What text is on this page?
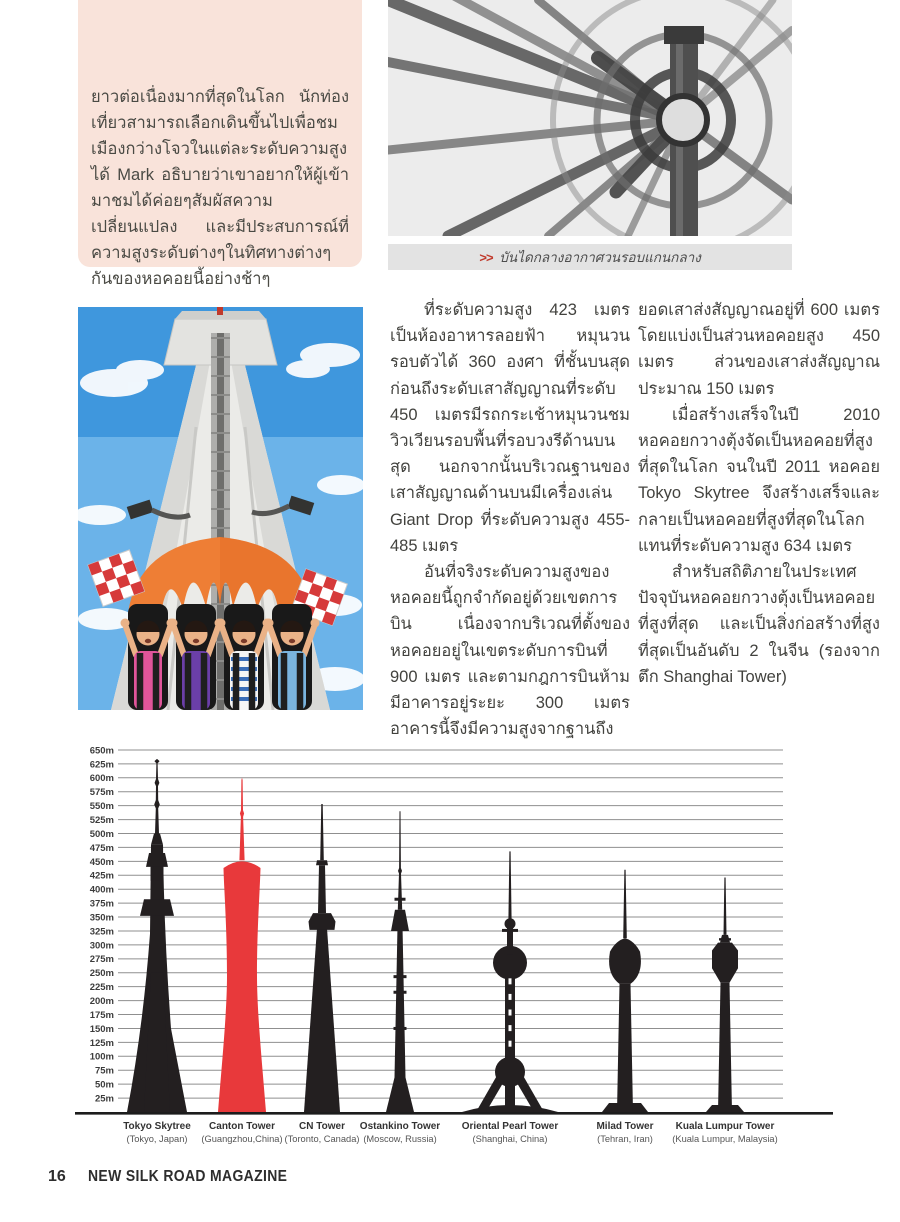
ยาวต่อเนื่องมากที่สุดในโลก นักท่องเที่ยวสามารถเลือกเดินขึ้นไปเพื่อชมเมืองกว่างโจวในแต่ละระดับความสูงได้ Mark อธิบายว่าเขาอยากให้ผู้เข้ามาชมได้ค่อยๆสัมผัสความเปลี่ยนแปลง และมีประสบการณ์ที่ความสูงระดับต่างๆในทิศทางต่างๆกันของหอคอยนี้อย่างช้าๆ

>> บันไดกลางอากาศวนรอบแกนกลาง

ที่ระดับความสูง 423 เมตร เป็นห้องอาหารลอยฟ้า หมุนวนรอบตัวได้ 360 องศา ที่ชั้นบนสุดก่อนถึงระดับเสาสัญญาณที่ระดับ 450 เมตรมีรถกระเช้าหมุนวนชมวิวเวียนรอบพื้นที่รอบวงรีด้านบนสุด นอกจากนั้นบริเวณฐานของเสาสัญญาณด้านบนมีเครื่องเล่น Giant Drop ที่ระดับความสูง 455-485 เมตร

อันที่จริงระดับความสูงของหอคอยนี้ถูกจำกัดอยู่ด้วยเขตการบิน เนื่องจากบริเวณที่ตั้งของหอคอยอยู่ในเขตระดับการบินที่ 900 เมตร และตามกฎการบินห้ามมีอาคารอยู่ระยะ 300 เมตร อาคารนี้จึงมีความสูงจากฐานถึง

ยอดเสาส่งสัญญาณอยู่ที่ 600 เมตร โดยแบ่งเป็นส่วนหอคอยสูง 450 เมตร ส่วนของเสาส่งสัญญาณประมาณ 150 เมตร

เมื่อสร้างเสร็จในปี 2010 หอคอยกวางตุ้งจัดเป็นหอคอยที่สูงที่สุดในโลก จนในปี 2011 หอคอย Tokyo Skytree จึงสร้างเสร็จและกลายเป็นหอคอยที่สูงที่สุดในโลกแทนที่ระดับความสูง 634 เมตร

สำหรับสถิติภายในประเทศ ปัจจุบันหอคอยกวางตุ้งเป็นหอคอยที่สูงที่สุด และเป็นสิ่งก่อสร้างที่สูงที่สุดเป็นอันดับ 2 ในจีน (รองจากตึก Shanghai Tower)

650m
625m
600m
575m
550m
525m
500m
475m
450m
425m
400m
375m
350m
325m
300m
275m
250m
225m
200m
175m
150m
125m
100m
75m
50m
25m
Tokyo Skytree
(Tokyo, Japan)
Canton Tower
(Guangzhou,China)
CN Tower
(Toronto, Canada)
Ostankino Tower
(Moscow, Russia)
Oriental Pearl Tower
(Shanghai, China)
Milad Tower
(Tehran, Iran)
Kuala Lumpur Tower
(Kuala Lumpur, Malaysia)
16 NEW SILK ROAD MAGAZINE
